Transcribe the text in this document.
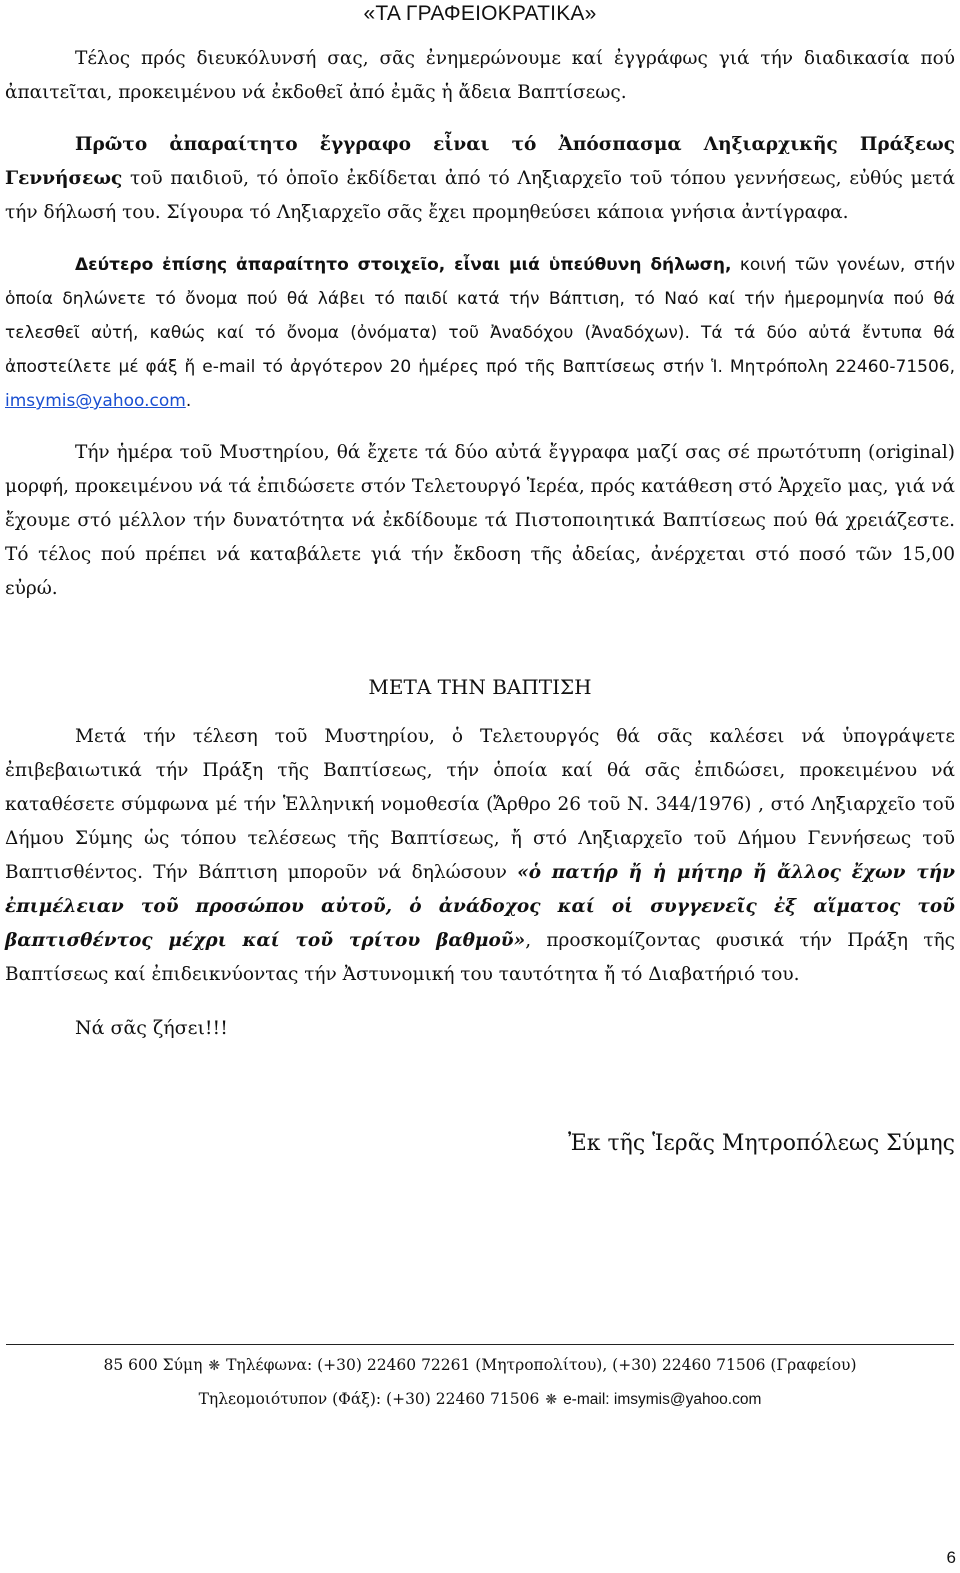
«ΤΑ ΓΡΑΦΕΙΟΚΡΑΤΙΚΑ»

Τέλος πρός διευκόλυνσή σας, σᾶς ἐνημερώνουμε καί ἐγγράφως γιά τήν διαδικασία πού ἀπαιτεῖται, προκειμένου νά ἐκδοθεῖ ἀπό ἐμᾶς ἡ ἄδεια Βαπτίσεως.

Πρῶτο ἀπαραίτητο ἔγγραφο εἶναι τό Ἀπόσπασμα Ληξιαρχικῆς Πράξεως Γεννήσεως τοῦ παιδιοῦ, τό ὁποῖο ἐκδίδεται ἀπό τό Ληξιαρχεῖο τοῦ τόπου γεννήσεως, εὐθύς μετά τήν δήλωσή του. Σίγουρα τό Ληξιαρχεῖο σᾶς ἔχει προμηθεύσει κάποια γνήσια ἀντίγραφα.

Δεύτερο ἐπίσης ἀπαραίτητο στοιχεῖο, εἶναι μιά ὑπεύθυνη δήλωση, κοινή τῶν γονέων, στήν ὁποία δηλώνετε τό ὄνομα πού θά λάβει τό παιδί κατά τήν Βάπτιση, τό Ναό καί τήν ἡμερομηνία πού θά τελεσθεῖ αὐτή, καθώς καί τό ὄνομα (ὀνόματα) τοῦ Ἀναδόχου (Ἀναδόχων). Τά τά δύο αὐτά ἔντυπα θά ἀποστείλετε μέ φάξ ἤ e-mail τό ἀργότερον 20 ἡμέρες πρό τῆς Βαπτίσεως στήν Ἱ. Μητρόπολη 22460-71506, imsymis@yahoo.com.

Τήν ἡμέρα τοῦ Μυστηρίου, θά ἔχετε τά δύο αὐτά ἔγγραφα μαζί σας σέ πρωτότυπη (original) μορφή, προκειμένου νά τά ἐπιδώσετε στόν Τελετουργό Ἱερέα, πρός κατάθεση στό Ἀρχεῖο μας, γιά νά ἔχουμε στό μέλλον τήν δυνατότητα νά ἐκδίδουμε τά Πιστοποιητικά Βαπτίσεως πού θά χρειάζεστε. Τό τέλος πού πρέπει νά καταβάλετε γιά τήν ἔκδοση τῆς ἀδείας, ἀνέρχεται στό ποσό τῶν 15,00 εὐρώ.

ΜΕΤΑ ΤΗΝ ΒΑΠΤΙΣΗ

Μετά τήν τέλεση τοῦ Μυστηρίου, ὁ Τελετουργός θά σᾶς καλέσει νά ὑπογράψετε ἐπιβεβαιωτικά τήν Πράξη τῆς Βαπτίσεως, τήν ὁποία καί θά σᾶς ἐπιδώσει, προκειμένου νά καταθέσετε σύμφωνα μέ τήν Ἑλληνική νομοθεσία (Ἄρθρο 26 τοῦ Ν. 344/1976) , στό Ληξιαρχεῖο τοῦ Δήμου Σύμης ὡς τόπου τελέσεως τῆς Βαπτίσεως, ἤ στό Ληξιαρχεῖο τοῦ Δήμου Γεννήσεως τοῦ Βαπτισθέντος. Τήν Βάπτιση μποροῦν νά δηλώσουν «ὁ πατήρ ἤ ἡ μήτηρ ἤ ἄλλος ἔχων τήν ἐπιμέλειαν τοῦ προσώπου αὐτοῦ, ὁ ἀνάδοχος καί οἱ συγγενεῖς ἐξ αἵματος τοῦ βαπτισθέντος μέχρι καί τοῦ τρίτου βαθμοῦ», προσκομίζοντας φυσικά τήν Πράξη τῆς Βαπτίσεως καί ἐπιδεικνύοντας τήν Ἀστυνομική του ταυτότητα ἤ τό Διαβατήριό του.

Νά σᾶς ζήσει!!!
Ἐκ τῆς Ἱερᾶς Μητροπόλεως Σύμης
85 600 Σύμη ❋ Τηλέφωνα: (+30) 22460 72261 (Μητροπολίτου), (+30) 22460 71506 (Γραφείου)
Τηλεομοιότυπον (Φάξ): (+30) 22460 71506 ❋ e-mail: imsymis@yahoo.com
6
